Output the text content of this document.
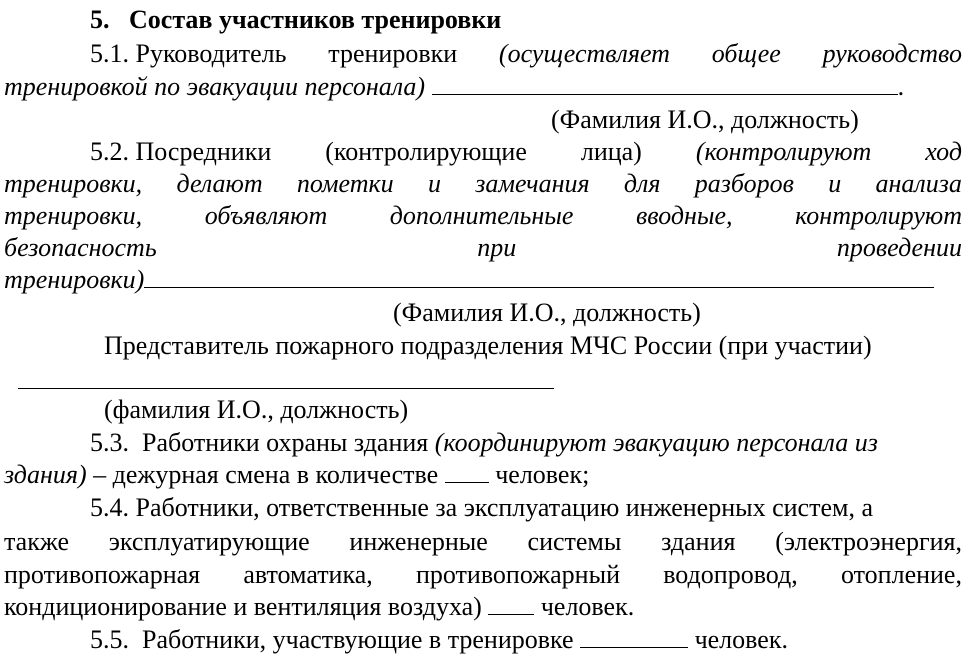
5. Состав участников тренировки
5.1. Руководитель тренировки (осуществляет общее руководство
тренировкой по эвакуации персонала)	.
(Фамилия И.О., должность)
5.2. Посредники (контролирующие лица) (контролируют ход
тренировки, делают пометки и замечания для разборов и анализа
тренировки, объявляют дополнительные вводные, контролируют
безопасность	при	проведении
тренировки)
(Фамилия И.О., должность)
Представитель пожарного подразделения МЧС России (при участии)
(фамилия И.О., должность)
5.3. Работники охраны здания (координируют эвакуацию персонала из
здания) – дежурная смена в количестве человек;
5.4. Работники, ответственные за эксплуатацию инженерных систем, а
также эксплуатирующие инженерные системы здания (электроэнергия,
противопожарная автоматика, противопожарный водопровод, отопление,
кондиционирование и вентиляция воздуха) человек.
5.5. Работники, участвующие в тренировке	человек.
